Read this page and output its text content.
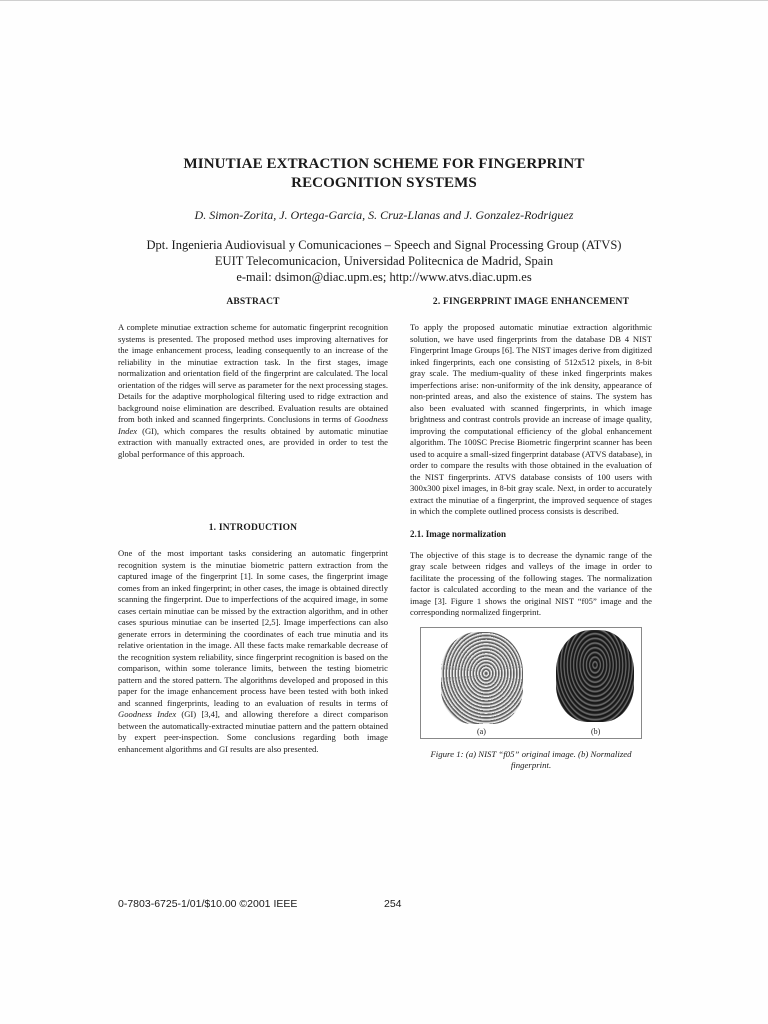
MINUTIAE EXTRACTION SCHEME FOR FINGERPRINT
RECOGNITION SYSTEMS
D. Simon-Zorita, J. Ortega-Garcia, S. Cruz-Llanas and J. Gonzalez-Rodriguez
Dpt. Ingenieria Audiovisual y Comunicaciones – Speech and Signal Processing Group (ATVS)
EUIT Telecomunicacion, Universidad Politecnica de Madrid, Spain
e-mail: dsimon@diac.upm.es; http://www.atvs.diac.upm.es
ABSTRACT

A complete minutiae extraction scheme for automatic fingerprint recognition systems is presented. The proposed method uses improving alternatives for the image enhancement process, leading consequently to an increase of the reliability in the minutiae extraction task. In the first stages, image normalization and orientation field of the fingerprint are calculated. The local orientation of the ridges will serve as parameter for the next processing stages. Details for the adaptive morphological filtering used to ridge extraction and background noise elimination are described. Evaluation results are obtained from both inked and scanned fingerprints. Conclusions in terms of Goodness Index (GI), which compares the results obtained by automatic minutiae extraction with manually extracted ones, are provided in order to test the global performance of this approach.

1. INTRODUCTION

One of the most important tasks considering an automatic fingerprint recognition system is the minutiae biometric pattern extraction from the captured image of the fingerprint [1]. In some cases, the fingerprint image comes from an inked fingerprint; in other cases, the image is obtained directly scanning the fingerprint. Due to imperfections of the acquired image, in some cases certain minutiae can be missed by the extraction algorithm, and in other cases spurious minutiae can be inserted [2,5]. Image imperfections can also generate errors in determining the coordinates of each true minutia and its relative orientation in the image. All these facts make remarkable decrease of the recognition system reliability, since fingerprint recognition is based on the comparison, within some tolerance limits, between the testing biometric pattern and the stored pattern. The algorithms developed and proposed in this paper for the image enhancement process have been tested with both inked and scanned fingerprints, leading to an evaluation of results in terms of Goodness Index (GI) [3,4], and allowing therefore a direct comparison between the automatically-extracted minutiae pattern and the pattern obtained by expert peer-inspection. Some conclusions regarding both image enhancement algorithms and GI results are also presented.

2. FINGERPRINT IMAGE ENHANCEMENT

To apply the proposed automatic minutiae extraction algorithmic solution, we have used fingerprints from the database DB 4 NIST Fingerprint Image Groups [6]. The NIST images derive from digitized inked fingerprints, each one consisting of 512x512 pixels, in 8-bit gray scale. The medium-quality of these inked fingerprints makes imperfections arise: non-uniformity of the ink density, appearance of non-printed areas, and also the existence of stains. The system has also been evaluated with scanned fingerprints, in which image brightness and contrast controls provide an increase of image quality, improving the computational efficiency of the global enhancement algorithm. The 100SC Precise Biometric fingerprint scanner has been used to acquire a small-sized fingerprint database (ATVS database), in order to compare the results with those obtained in the evaluation of the NIST fingerprints. ATVS database consists of 100 users with 300x300 pixel images, in 8-bit gray scale. Next, in order to accurately extract the minutiae of a fingerprint, the improved sequence of stages in which the complete outlined process consists is described.

2.1. Image normalization

The objective of this stage is to decrease the dynamic range of the gray scale between ridges and valleys of the image in order to facilitate the processing of the following stages. The normalization factor is calculated according to the mean and the variance of the image [3]. Figure 1 shows the original NIST “f05” image and the corresponding normalized fingerprint.

(a)	(b)

Figure 1: (a) NIST “f05” original image. (b) Normalized fingerprint.

0-7803-6725-1/01/$10.00 ©2001 IEEE	254
